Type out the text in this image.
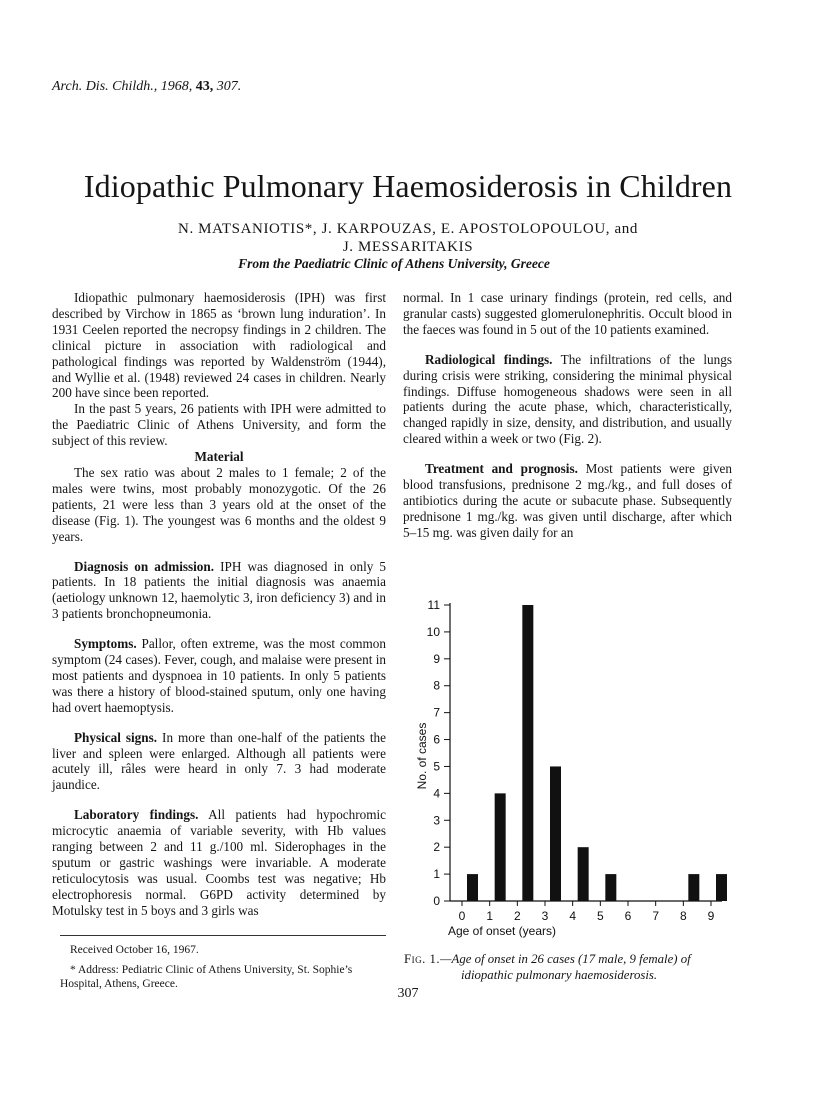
Arch. Dis. Childh., 1968, 43, 307.
Idiopathic Pulmonary Haemosiderosis in Children
N. MATSANIOTIS*, J. KARPOUZAS, E. APOSTOLOPOULOU, and
J. MESSARITAKIS
From the Paediatric Clinic of Athens University, Greece

Idiopathic pulmonary haemosiderosis (IPH) was first described by Virchow in 1865 as ‘brown lung induration’. In 1931 Ceelen reported the necropsy findings in 2 children. The clinical picture in association with radiological and pathological findings was reported by Waldenström (1944), and Wyllie et al. (1948) reviewed 24 cases in children. Nearly 200 have since been reported.

In the past 5 years, 26 patients with IPH were admitted to the Paediatric Clinic of Athens University, and form the subject of this review.

Material

The sex ratio was about 2 males to 1 female; 2 of the males were twins, most probably monozygotic. Of the 26 patients, 21 were less than 3 years old at the onset of the disease (Fig. 1). The youngest was 6 months and the oldest 9 years.

Diagnosis on admission. IPH was diagnosed in only 5 patients. In 18 patients the initial diagnosis was anaemia (aetiology unknown 12, haemolytic 3, iron deficiency 3) and in 3 patients bronchopneumonia.

Symptoms. Pallor, often extreme, was the most common symptom (24 cases). Fever, cough, and malaise were present in most patients and dyspnoea in 10 patients. In only 5 patients was there a history of blood-stained sputum, only one having had overt haemoptysis.

Physical signs. In more than one-half of the patients the liver and spleen were enlarged. Although all patients were acutely ill, râles were heard in only 7. 3 had moderate jaundice.

Laboratory findings. All patients had hypochromic microcytic anaemia of variable severity, with Hb values ranging between 2 and 11 g./100 ml. Siderophages in the sputum or gastric washings were invariable. A moderate reticulocytosis was usual. Coombs test was negative; Hb electrophoresis normal. G6PD activity determined by Motulsky test in 5 boys and 3 girls was

normal. In 1 case urinary findings (protein, red cells, and granular casts) suggested glomerulonephritis. Occult blood in the faeces was found in 5 out of the 10 patients examined.

Radiological findings. The infiltrations of the lungs during crisis were striking, considering the minimal physical findings. Diffuse homogeneous shadows were seen in all patients during the acute phase, which, characteristically, changed rapidly in size, density, and distribution, and usually cleared within a week or two (Fig. 2).

Treatment and prognosis. Most patients were given blood transfusions, prednisone 2 mg./kg., and full doses of antibiotics during the acute or subacute phase. Subsequently prednisone 1 mg./kg. was given until discharge, after which 5–15 mg. was given daily for an

0
1
2
3
4
5
6
7
8
9
10
11
0 1 2 3 4 5 6 7 8 9
No. of cases
Age of onset (years)
Received October 16, 1967.
* Address: Pediatric Clinic of Athens University, St. Sophie’s Hospital, Athens, Greece.
Fig. 1.—Age of onset in 26 cases (17 male, 9 female) of
idiopathic pulmonary haemosiderosis.
307
